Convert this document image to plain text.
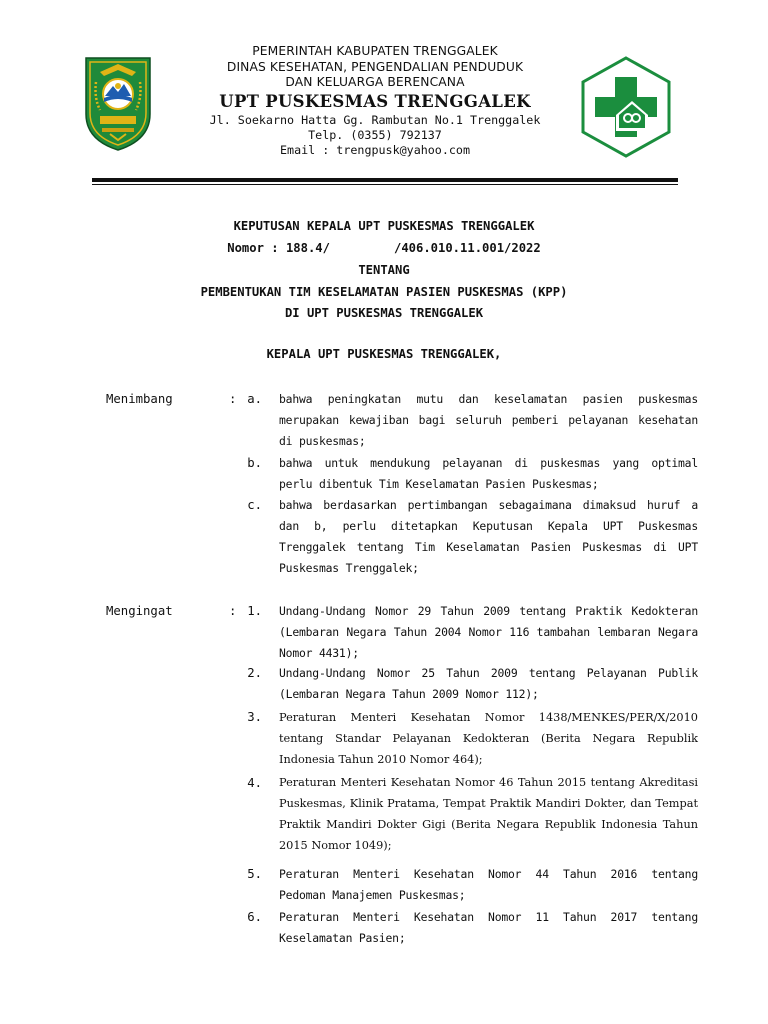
PEMERINTAH KABUPATEN TRENGGALEK
DINAS KESEHATAN, PENGENDALIAN PENDUDUK
DAN KELUARGA BERENCANA
UPT PUSKESMAS TRENGGALEK
Jl. Soekarno Hatta Gg. Rambutan No.1 Trenggalek
Telp. (0355) 792137
Email : trengpusk@yahoo.com
KEPUTUSAN KEPALA UPT PUSKESMAS TRENGGALEK
Nomor : 188.4/	/406.010.11.001/2022
TENTANG
PEMBENTUKAN TIM KESELAMATAN PASIEN PUSKESMAS (KPP)
DI UPT PUSKESMAS TRENGGALEK
KEPALA UPT PUSKESMAS TRENGGALEK,
Menimbang	: a. bahwa peningkatan mutu dan keselamatan pasien puskesmas merupakan kewajiban bagi seluruh pemberi pelayanan kesehatan di puskesmas;
b. bahwa untuk mendukung pelayanan di puskesmas yang optimal perlu dibentuk Tim Keselamatan Pasien Puskesmas;
c. bahwa berdasarkan pertimbangan sebagaimana dimaksud huruf a dan b, perlu ditetapkan Keputusan Kepala UPT Puskesmas Trenggalek tentang Tim Keselamatan Pasien Puskesmas di UPT Puskesmas Trenggalek;
Mengingat	: 1. Undang-Undang Nomor 29 Tahun 2009 tentang Praktik Kedokteran (Lembaran Negara Tahun 2004 Nomor 116 tambahan lembaran Negara Nomor 4431);
2. Undang-Undang Nomor 25 Tahun 2009 tentang Pelayanan Publik (Lembaran Negara Tahun 2009 Nomor 112);
3. Peraturan Menteri Kesehatan Nomor 1438/MENKES/PER/X/2010 tentang Standar Pelayanan Kedokteran (Berita Negara Republik Indonesia Tahun 2010 Nomor 464);
4. Peraturan Menteri Kesehatan Nomor 46 Tahun 2015 tentang Akreditasi Puskesmas, Klinik Pratama, Tempat Praktik Mandiri Dokter, dan Tempat Praktik Mandiri Dokter Gigi (Berita Negara Republik Indonesia Tahun 2015 Nomor 1049);
5. Peraturan Menteri Kesehatan Nomor 44 Tahun 2016 tentang Pedoman Manajemen Puskesmas;
6. Peraturan Menteri Kesehatan Nomor 11 Tahun 2017 tentang Keselamatan Pasien;
